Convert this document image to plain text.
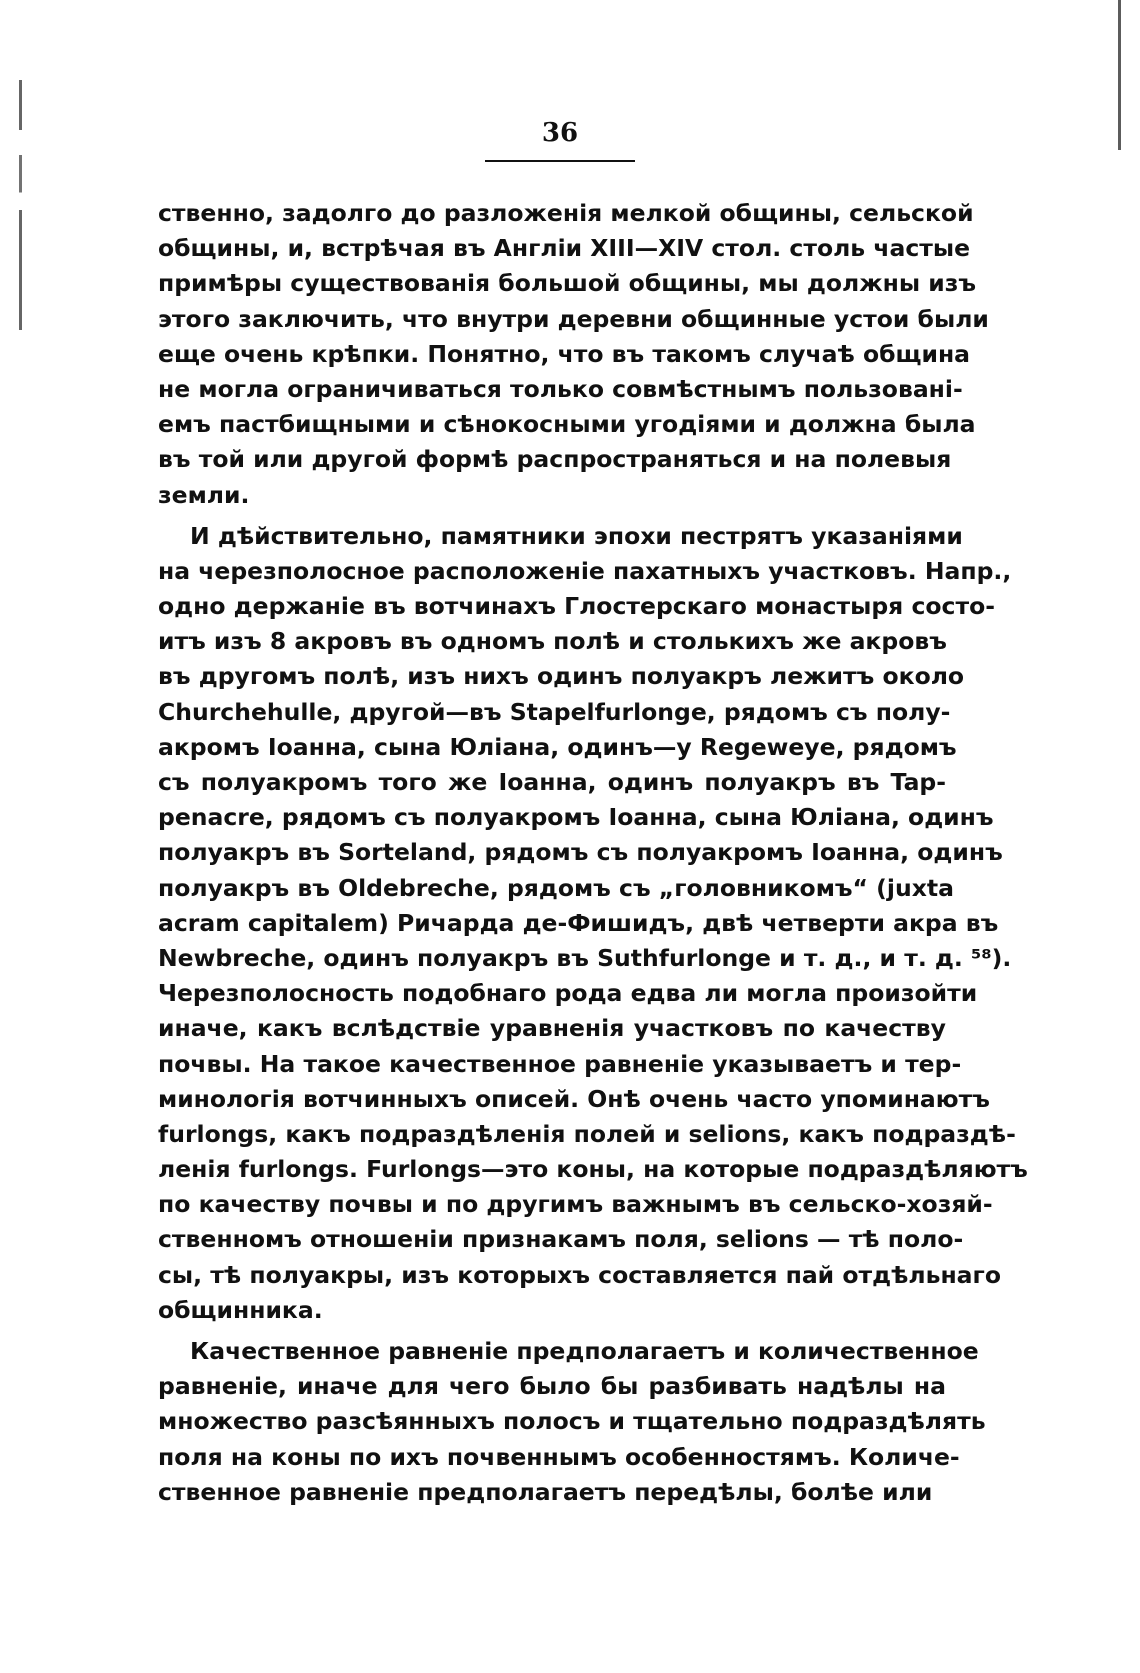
36
ственно, задолго до разложенія мелкой общины, сельской
общины, и, встрѣчая въ Англіи XIII—XIV стол. столь частые
примѣры существованія большой общины, мы должны изъ
этого заключить, что внутри деревни общинные устои были
еще очень крѣпки. Понятно, что въ такомъ случаѣ община
не могла ограничиваться только совмѣстнымъ пользовані-
емъ пастбищными и сѣнокосными угодіями и должна была
въ той или другой формѣ распространяться и на полевыя
земли.
И дѣйствительно, памятники эпохи пестрятъ указаніями
на черезполосное расположеніе пахатныхъ участковъ. Напр.,
одно держаніе въ вотчинахъ Глостерскаго монастыря состо-
итъ изъ 8 акровъ въ одномъ полѣ и столькихъ же акровъ
въ другомъ полѣ, изъ нихъ одинъ полуакръ лежитъ около
Churchehulle, другой—въ Stapelfurlonge, рядомъ съ полу-
акромъ Іоанна, сына Юліана, одинъ—у Regeweye, рядомъ
съ полуакромъ того же Іоанна, одинъ полуакръ въ Tap-
penacre, рядомъ съ полуакромъ Іоанна, сына Юліана, одинъ
полуакръ въ Sorteland, рядомъ съ полуакромъ Іоанна, одинъ
полуакръ въ Oldebreche, рядомъ съ „головникомъ“ (juxta
acram capitalem) Ричарда де-Фишидъ, двѣ четверти акра въ
Newbreche, одинъ полуакръ въ Suthfurlonge и т. д., и т. д. ⁵⁸).
Черезполосность подобнаго рода едва ли могла произойти
иначе, какъ вслѣдствіе уравненія участковъ по качеству
почвы. На такое качественное равненіе указываетъ и тер-
минологія вотчинныхъ описей. Онѣ очень часто упоминаютъ
furlongs, какъ подраздѣленія полей и selions, какъ подраздѣ-
ленія furlongs. Furlongs—это коны, на которые подраздѣляютъ
по качеству почвы и по другимъ важнымъ въ сельско-хозяй-
ственномъ отношеніи признакамъ поля, selions — тѣ поло-
сы, тѣ полуакры, изъ которыхъ составляется пай отдѣльнаго
общинника.
Качественное равненіе предполагаетъ и количественное
равненіе, иначе для чего было бы разбивать надѣлы на
множество разсѣянныхъ полосъ и тщательно подраздѣлять
поля на коны по ихъ почвеннымъ особенностямъ. Количе-
ственное равненіе предполагаетъ передѣлы, болѣе или
